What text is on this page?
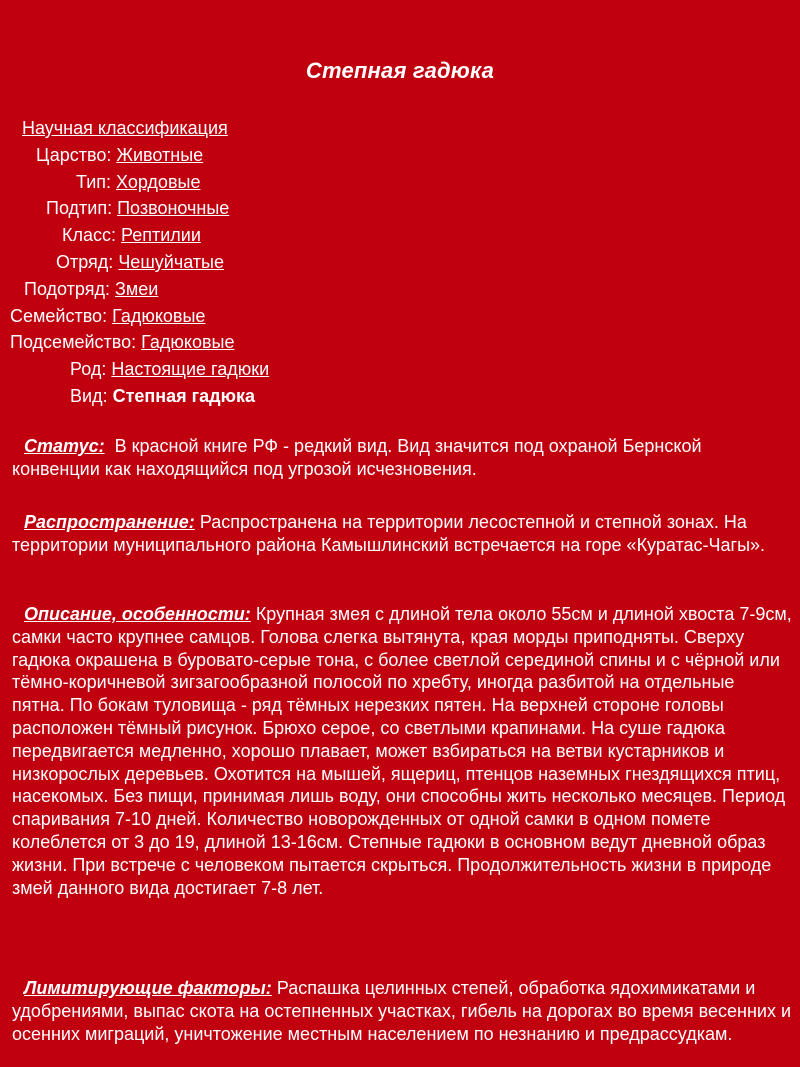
Степная гадюка
Научная классификация
Царство: Животные
Тип: Хордовые
Подтип: Позвоночные
Класс: Рептилии
Отряд: Чешуйчатые
Подотряд: Змеи
Семейство: Гадюковые
Подсемейство: Гадюковые
Род: Настоящие гадюки
Вид: Степная гадюка
Статус: В красной книге РФ - редкий вид. Вид значится под охраной Бернской конвенции как находящийся под угрозой исчезновения.
Распространение: Распространена на территории лесостепной и степной зонах. На территории муниципального района Камышлинский встречается на горе «Куратас-Чагы».
Описание, особенности: Крупная змея с длиной тела около 55см и длиной хвоста 7-9см, самки часто крупнее самцов. Голова слегка вытянута, края морды приподняты. Сверху гадюка окрашена в буровато-серые тона, с более светлой серединой спины и с чёрной или тёмно-коричневой зигзагообразной полосой по хребту, иногда разбитой на отдельные пятна. По бокам туловища - ряд тёмных нерезких пятен. На верхней стороне головы расположен тёмный рисунок. Брюхо серое, со светлыми крапинами. На суше гадюка передвигается медленно, хорошо плавает, может взбираться на ветви кустарников и низкорослых деревьев. Охотится на мышей, ящериц, птенцов наземных гнездящихся птиц, насекомых. Без пищи, принимая лишь воду, они способны жить несколько месяцев. Период спаривания 7-10 дней. Количество новорожденных от одной самки в одном помете колеблется от 3 до 19, длиной 13-16см. Степные гадюки в основном ведут дневной образ жизни. При встрече с человеком пытается скрыться. Продолжительность жизни в природе змей данного вида достигает 7-8 лет.
Лимитирующие факторы: Распашка целинных степей, обработка ядохимикатами и удобрениями, выпас скота на остепненных участках, гибель на дорогах во время весенних и осенних миграций, уничтожение местным населением по незнанию и предрассудкам.
